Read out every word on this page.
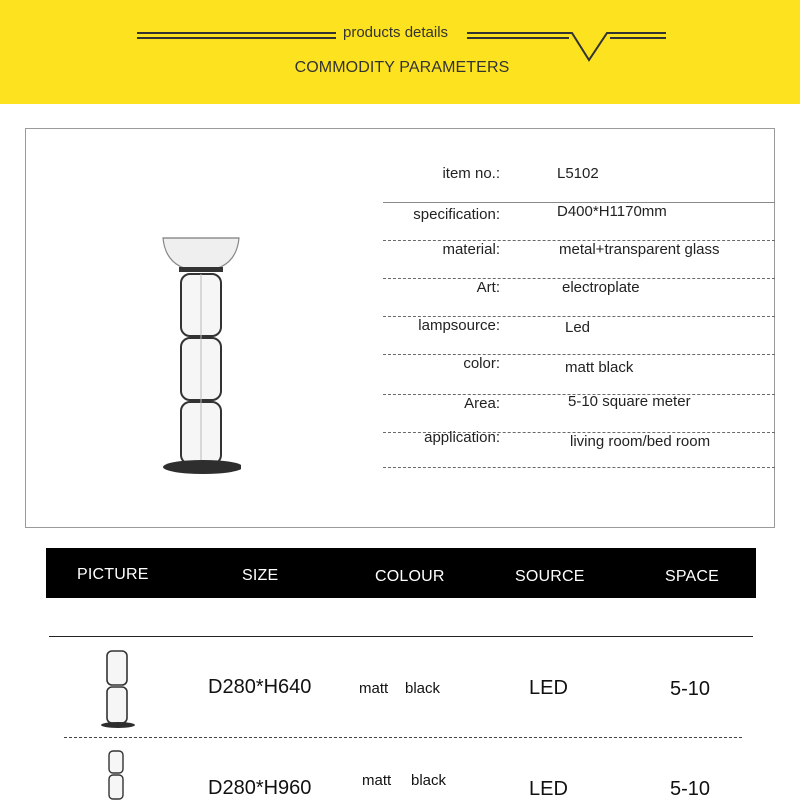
products details
COMMODITY PARAMETERS
item no.:	L5102
specification:	D400*H1170mm
material:	metal+transparent glass
Art:	electroplate
lampsource:	Led
color:	matt black
Area:	5-10 square meter
application:	living room/bed room
PICTURE	SIZE	COLOUR	SOURCE	SPACE
D280*H640	matt black	LED	5-10
D280*H960	matt black	LED	5-10
